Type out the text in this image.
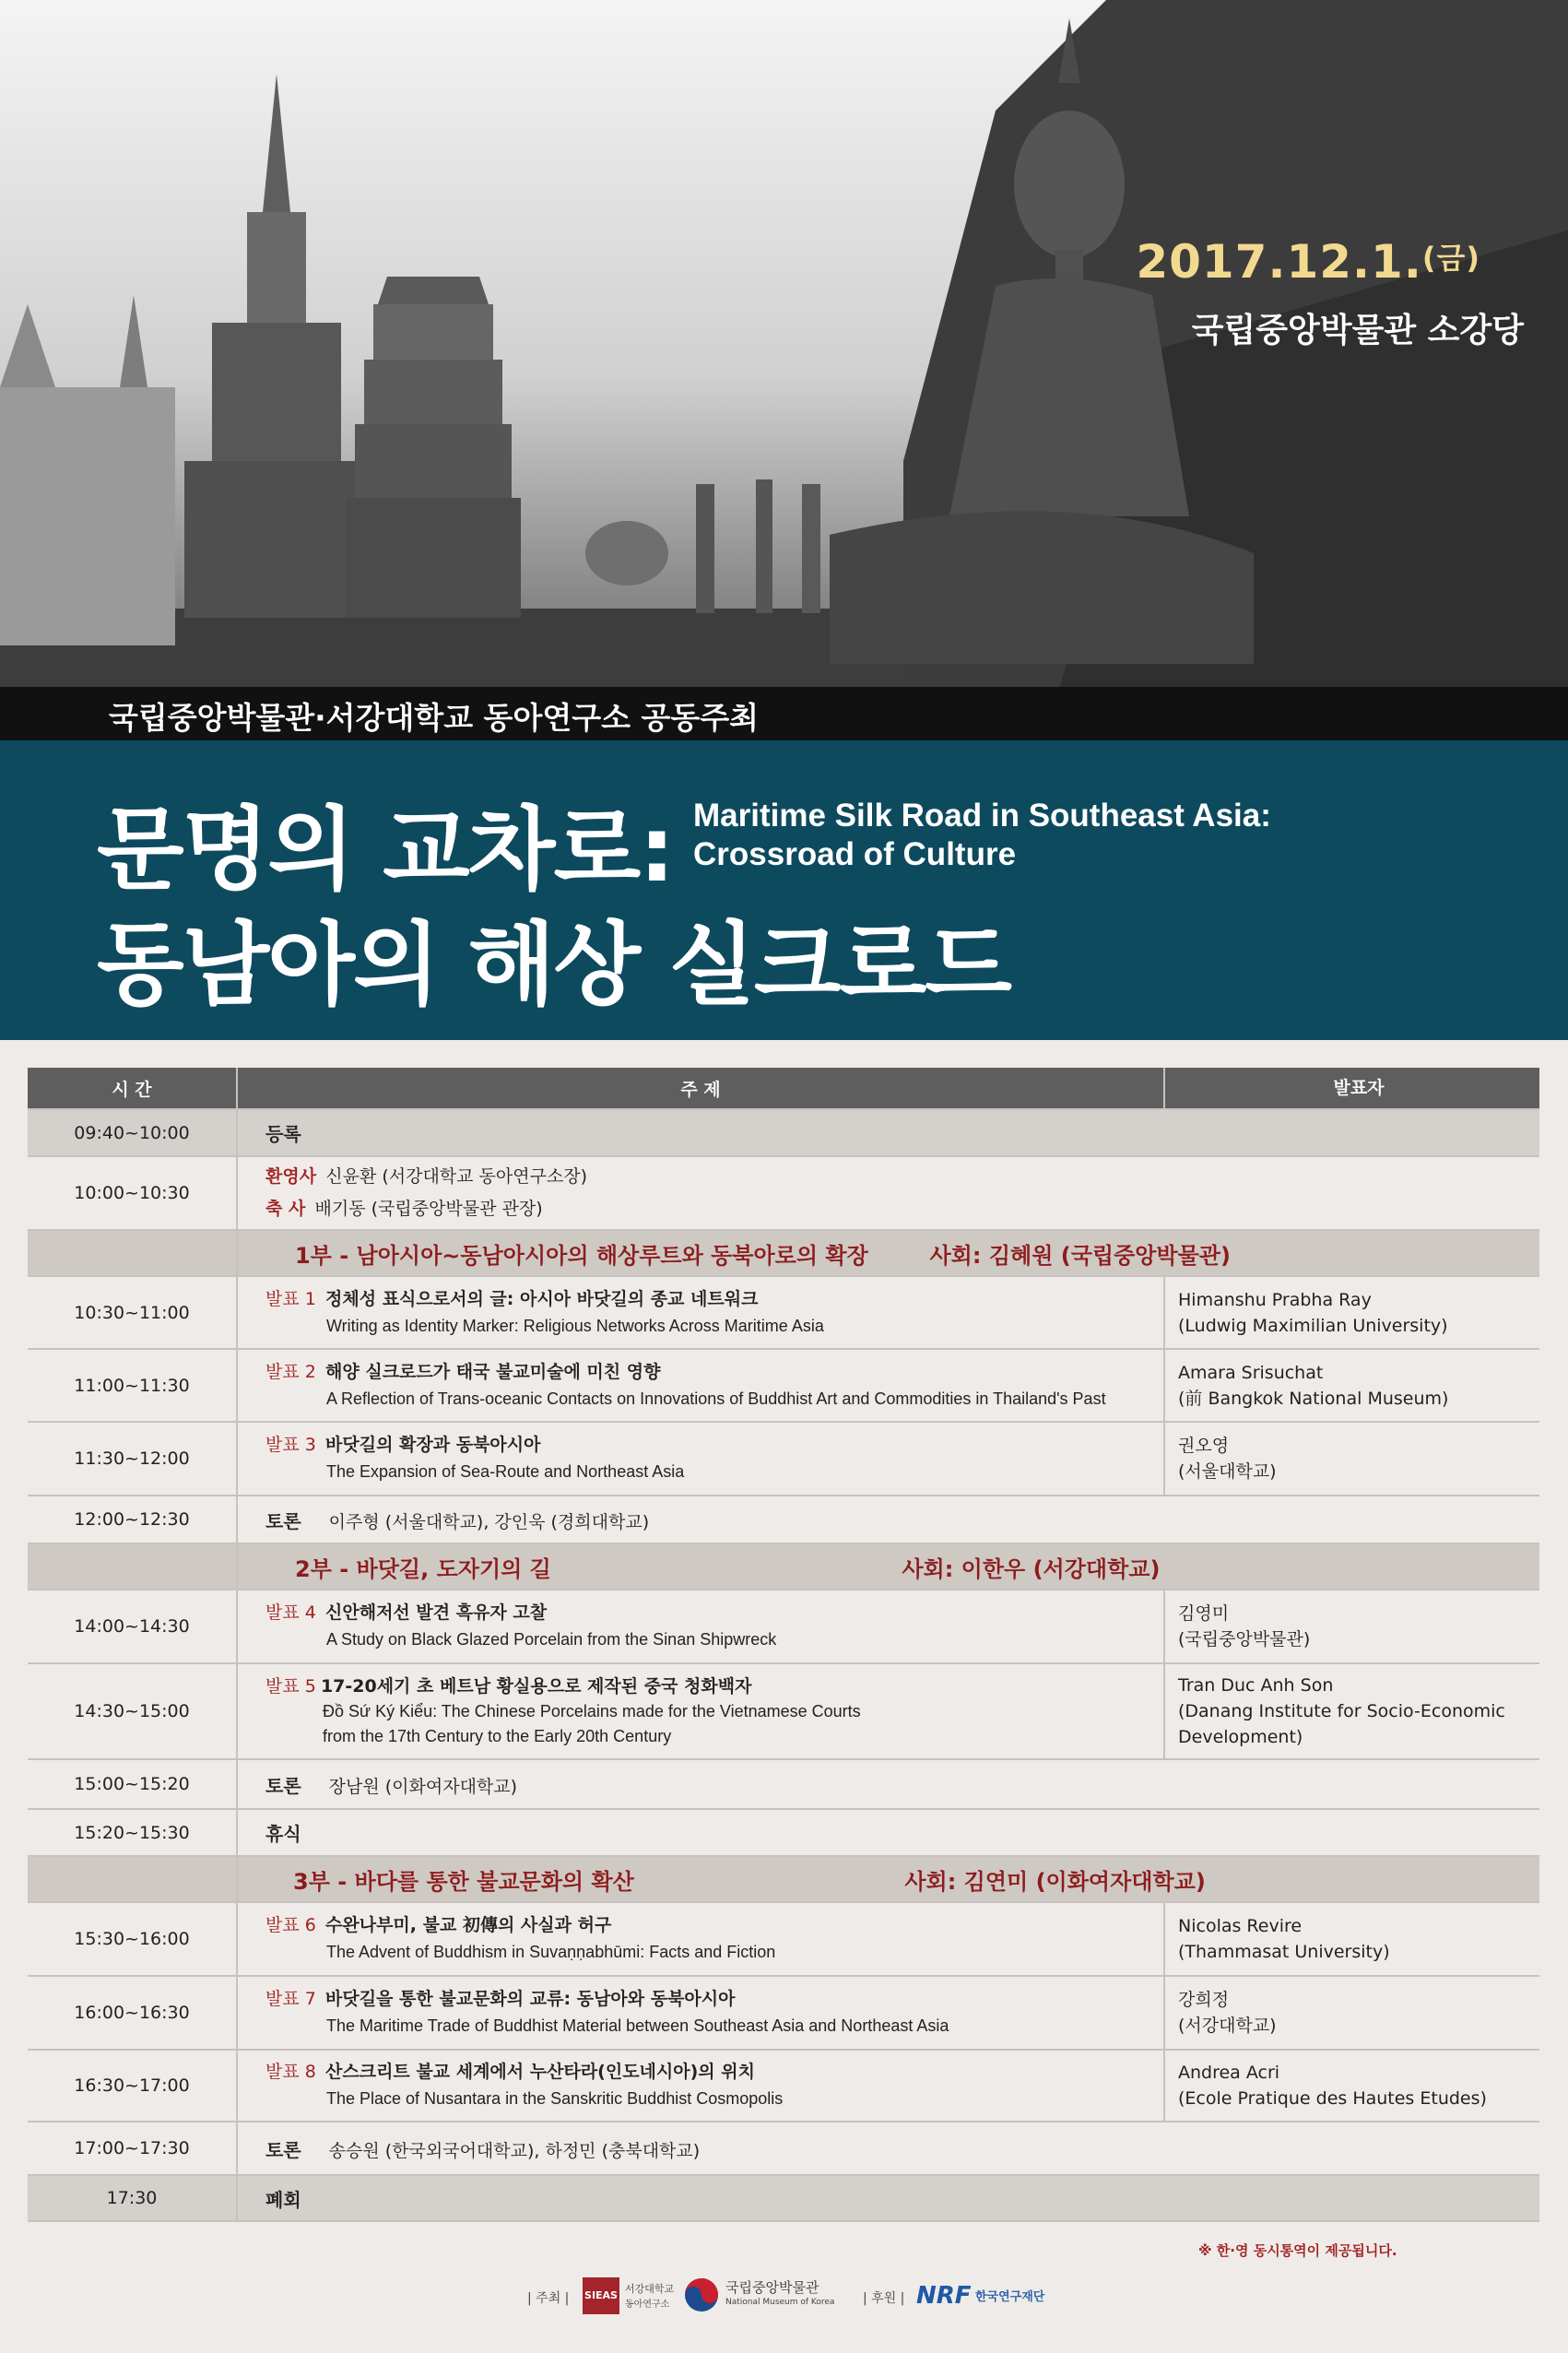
2017.12.1.$^{(금)}$
국립중앙박물관 소강당
국립중앙박물관·서강대학교 동아연구소 공동주최
문명의 교차로:
동남아의 해상 실크로드
Maritime Silk Road in Southeast Asia:
Crossroad of Culture
시 간	주 제	발표자
09:40~10:00	등록	
10:00~10:30	환영사 신윤환 (서강대학교 동아연구소장)
축 사 배기동 (국립중앙박물관 관장)	
	1부 - 남아시아~동남아시아의 해상루트와 동북아로의 확장 사회: 김혜원 (국립중앙박물관)	
10:30~11:00	발표 1 정체성 표식으로서의 글: 아시아 바닷길의 종교 네트워크
Writing as Identity Marker: Religious Networks Across Maritime Asia	Himanshu Prabha Ray
(Ludwig Maximilian University)
11:00~11:30	발표 2 해양 실크로드가 태국 불교미술에 미친 영향
A Reflection of Trans-oceanic Contacts on Innovations of Buddhist Art and Commodities in Thailand's Past	Amara Srisuchat
(前 Bangkok National Museum)
11:30~12:00	발표 3 바닷길의 확장과 동북아시아
The Expansion of Sea-Route and Northeast Asia	권오영
(서울대학교)
12:00~12:30	토론 이주형 (서울대학교), 강인욱 (경희대학교)	
	2부 - 바닷길, 도자기의 길 사회: 이한우 (서강대학교)	
14:00~14:30	발표 4 신안해저선 발견 흑유자 고찰
A Study on Black Glazed Porcelain from the Sinan Shipwreck	김영미
(국립중앙박물관)
14:30~15:00	발표 5 17-20세기 초 베트남 황실용으로 제작된 중국 청화백자
Đồ Sứ Ký Kiểu: The Chinese Porcelains made for the Vietnamese Courts
from the 17th Century to the Early 20th Century	Tran Duc Anh Son
(Danang Institute for Socio-Economic
Development)
15:00~15:20	토론 장남원 (이화여자대학교)	
15:20~15:30	휴식	
	3부 - 바다를 통한 불교문화의 확산 사회: 김연미 (이화여자대학교)	
15:30~16:00	발표 6 수완나부미, 불교 初傳의 사실과 허구
The Advent of Buddhism in Suvaṇṇabhūmi: Facts and Fiction	Nicolas Revire
(Thammasat University)
16:00~16:30	발표 7 바닷길을 통한 불교문화의 교류: 동남아와 동북아시아
The Maritime Trade of Buddhist Material between Southeast Asia and Northeast Asia	강희정
(서강대학교)
16:30~17:00	발표 8 산스크리트 불교 세계에서 누산타라(인도네시아)의 위치
The Place of Nusantara in the Sanskritic Buddhist Cosmopolis	Andrea Acri
(Ecole Pratique des Hautes Etudes)
17:00~17:30	토론 송승원 (한국외국어대학교), 하정민 (충북대학교)	
17:30	폐회	
※ 한·영 동시통역이 제공됩니다.
| 주최 | SIEAS
서강대학교
동아연구소
국립중앙박물관
National Museum of Korea | 후원 | NRF 한국연구재단
